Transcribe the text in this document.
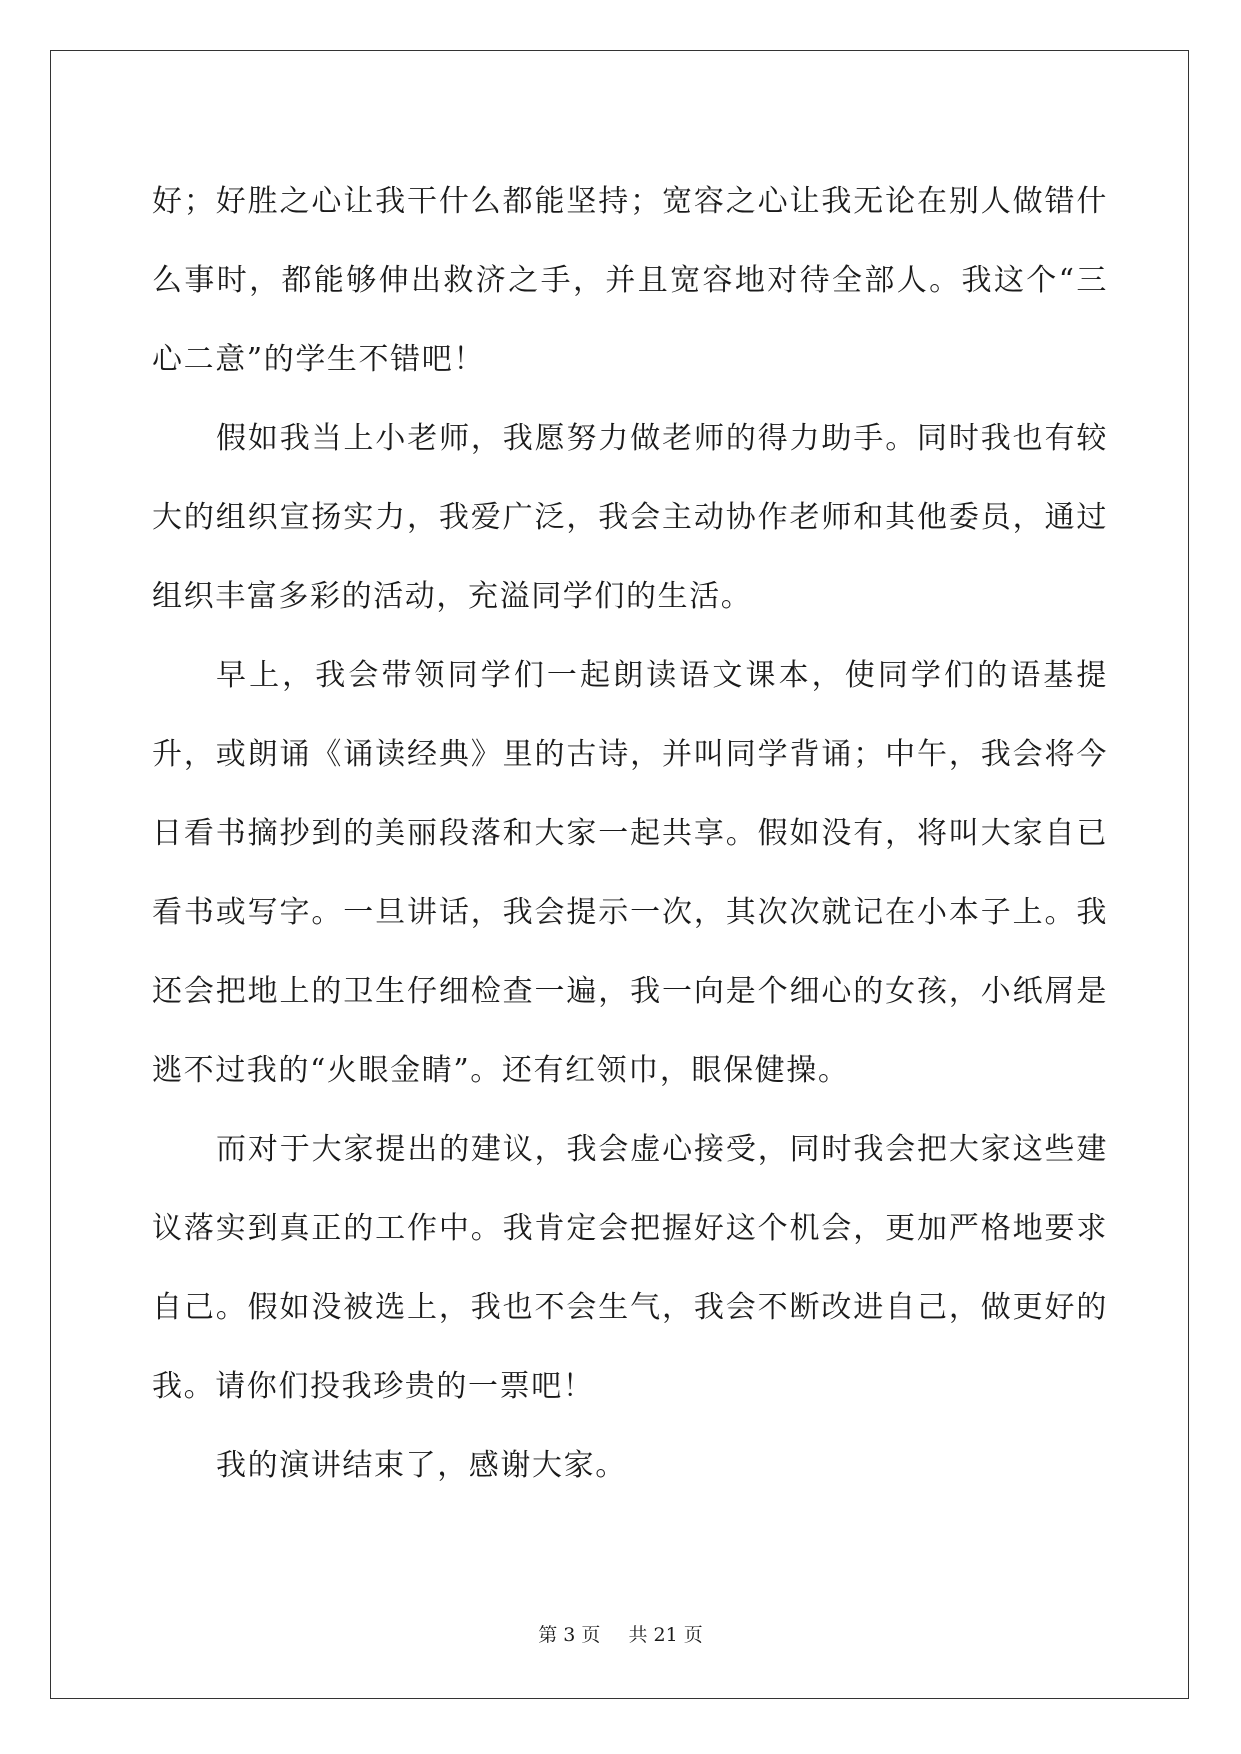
好；好胜之心让我干什么都能坚持；宽容之心让我无论在别人做错什么事时，都能够伸出救济之手，并且宽容地对待全部人。我这个“三心二意”的学生不错吧！

假如我当上小老师，我愿努力做老师的得力助手。同时我也有较大的组织宣扬实力，我爱广泛，我会主动协作老师和其他委员，通过组织丰富多彩的活动，充溢同学们的生活。

早上，我会带领同学们一起朗读语文课本，使同学们的语基提升，或朗诵《诵读经典》里的古诗，并叫同学背诵；中午，我会将今日看书摘抄到的美丽段落和大家一起共享。假如没有，将叫大家自已看书或写字。一旦讲话，我会提示一次，其次次就记在小本子上。我还会把地上的卫生仔细检查一遍，我一向是个细心的女孩，小纸屑是逃不过我的“火眼金睛”。还有红领巾，眼保健操。

而对于大家提出的建议，我会虚心接受，同时我会把大家这些建议落实到真正的工作中。我肯定会把握好这个机会，更加严格地要求自己。假如没被选上，我也不会生气，我会不断改进自己，做更好的我。请你们投我珍贵的一票吧！

我的演讲结束了，感谢大家。

第 3 页 共 21 页
